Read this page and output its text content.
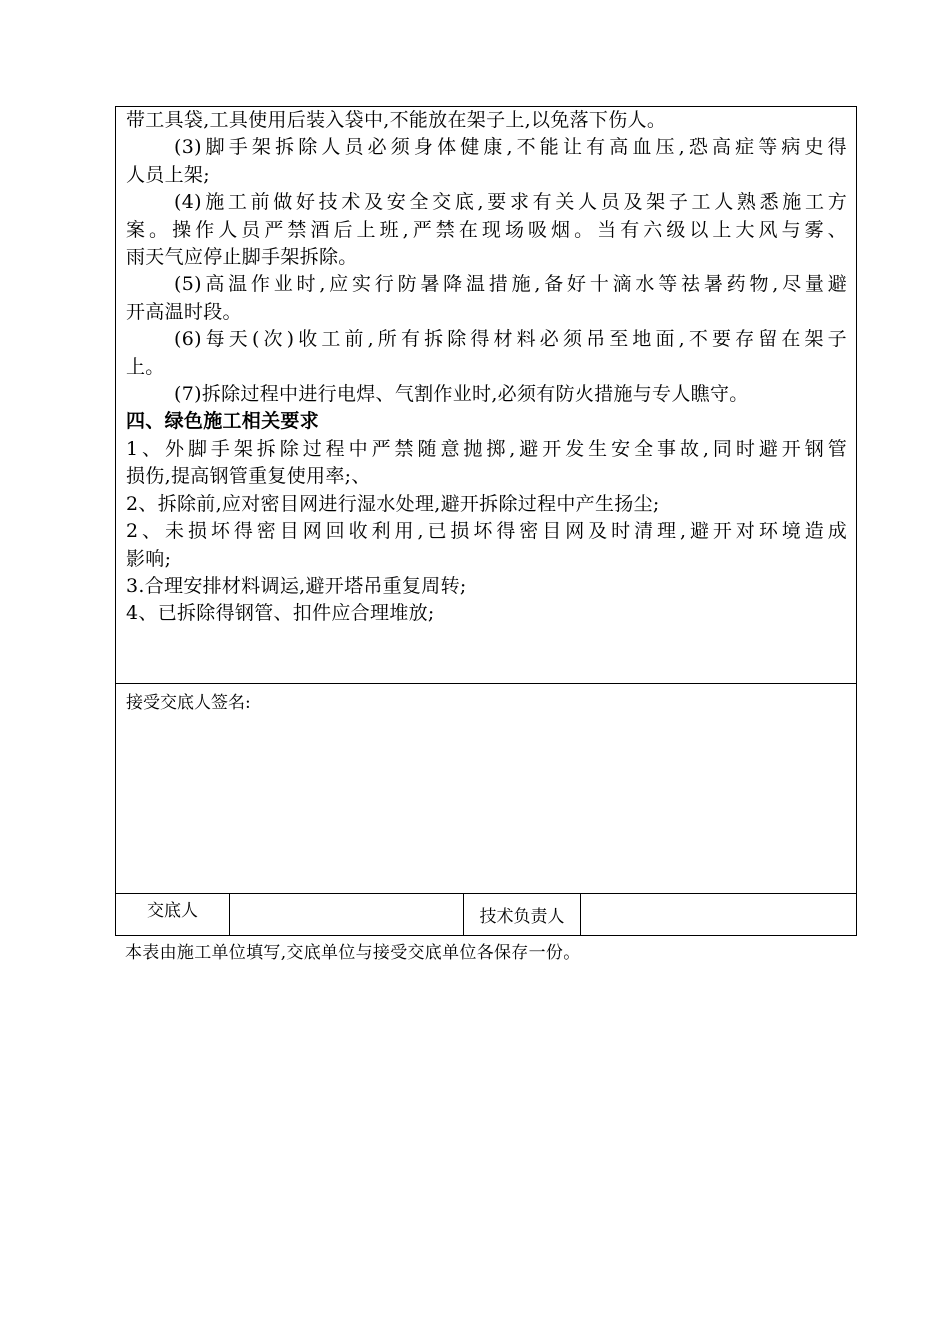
带工具袋,工具使用后装入袋中,不能放在架子上,以免落下伤人。
(3)脚手架拆除人员必须身体健康,不能让有高血压,恐高症等病史得
人员上架;
(4)施工前做好技术及安全交底,要求有关人员及架子工人熟悉施工方
案。操作人员严禁酒后上班,严禁在现场吸烟。当有六级以上大风与雾、
雨天气应停止脚手架拆除。
(5)高温作业时,应实行防暑降温措施,备好十滴水等祛暑药物,尽量避
开高温时段。
(6)每天(次)收工前,所有拆除得材料必须吊至地面,不要存留在架子
上。
(7)拆除过程中进行电焊、气割作业时,必须有防火措施与专人瞧守。
四、绿色施工相关要求
1、外脚手架拆除过程中严禁随意抛掷,避开发生安全事故,同时避开钢管
损伤,提高钢管重复使用率;、
2、拆除前,应对密目网进行湿水处理,避开拆除过程中产生扬尘;
2、未损坏得密目网回收利用,已损坏得密目网及时清理,避开对环境造成
影响;
3.合理安排材料调运,避开塔吊重复周转;
4、已拆除得钢管、扣件应合理堆放;
接受交底人签名:
交底人	技术负责人
本表由施工单位填写,交底单位与接受交底单位各保存一份。
